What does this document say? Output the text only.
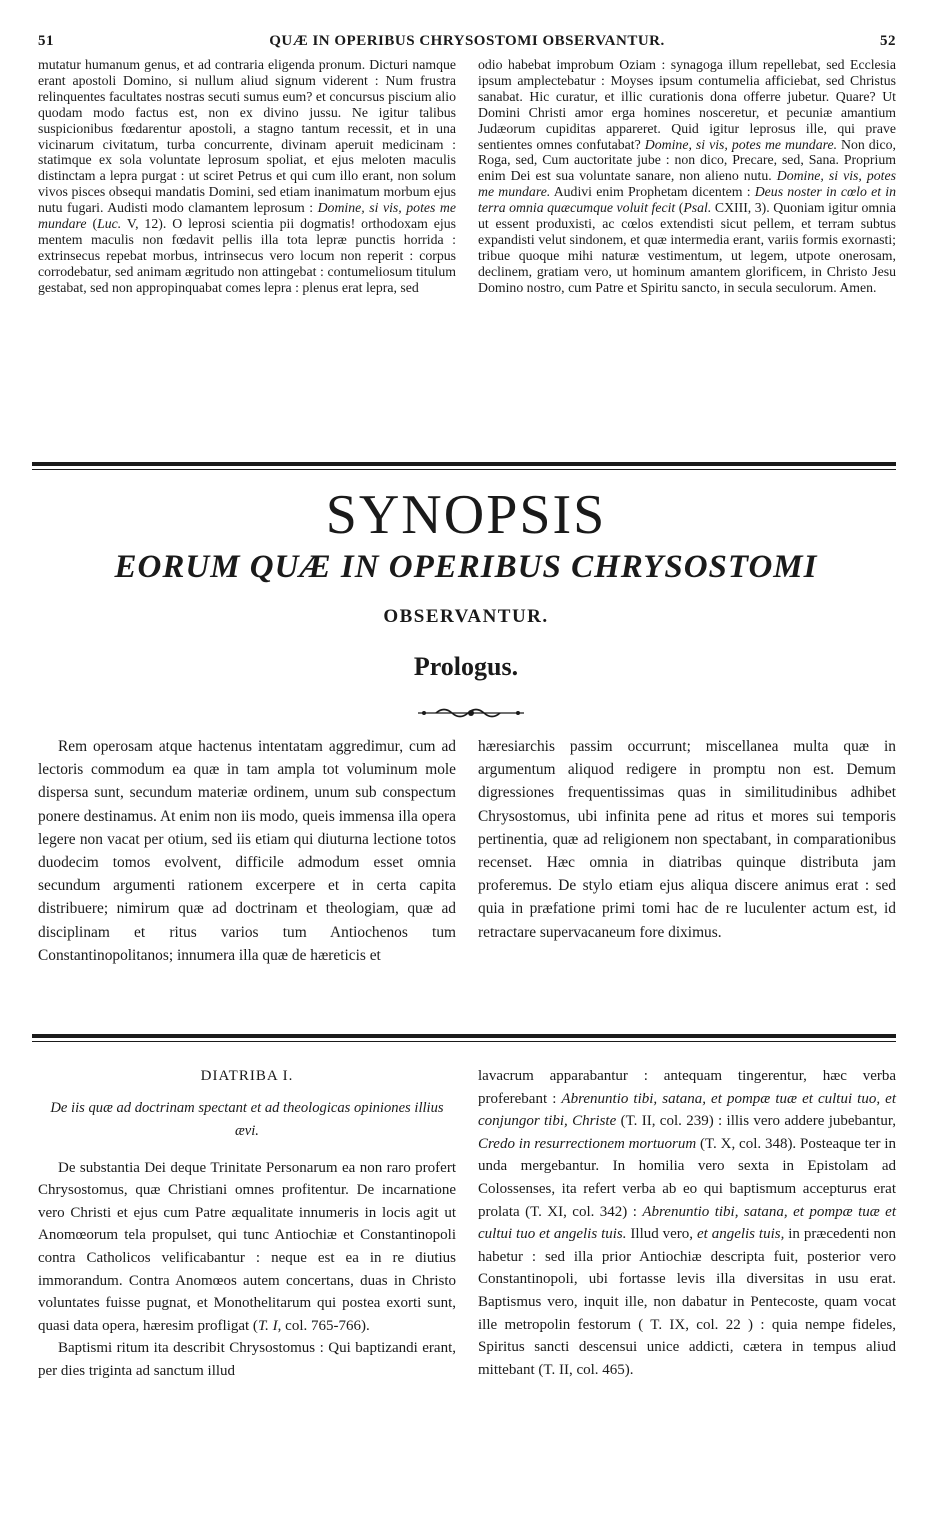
51	QUÆ IN OPERIBUS CHRYSOSTOMI OBSERVANTUR.	52

mutatur humanum genus, et ad contraria eligenda pronum. Dicturi namque erant apostoli Domino, si nullum aliud signum viderent : Num frustra relinquentes facultates nostras secuti sumus eum? et concursus piscium alio quodam modo factus est, non ex divino jussu. Ne igitur talibus suspicionibus fœdarentur apostoli, a stagno tantum recessit, et in una vicinarum civitatum, turba concurrente, divinam aperuit medicinam : statimque ex sola voluntate leprosum spoliat, et ejus meloten maculis distinctam a lepra purgat : ut sciret Petrus et qui cum illo erant, non solum vivos pisces obsequi mandatis Domini, sed etiam inanimatum morbum ejus nutu fugari. Audisti modo clamantem leprosum : Domine, si vis, potes me mundare (Luc. V, 12). O leprosi scientia pii dogmatis! orthodoxam ejus mentem maculis non fœdavit pellis illa tota lepræ punctis horrida : extrinsecus repebat morbus, intrinsecus vero locum non reperit : corpus corrodebatur, sed animam ægritudo non attingebat : contumeliosum titulum gestabat, sed non appropinquabat comes lepra : plenus erat lepra, sed

odio habebat improbum Oziam : synagoga illum repellebat, sed Ecclesia ipsum amplectebatur : Moyses ipsum contumelia afficiebat, sed Christus sanabat. Hic curatur, et illic curationis dona offerre jubetur. Quare? Ut Domini Christi amor erga homines nosceretur, et pecuniæ amantium Judæorum cupiditas appareret. Quid igitur leprosus ille, qui prave sentientes omnes confutabat? Domine, si vis, potes me mundare. Non dico, Roga, sed, Cum auctoritate jube : non dico, Precare, sed, Sana. Proprium enim Dei est sua voluntate sanare, non alieno nutu. Domine, si vis, potes me mundare. Audivi enim Prophetam dicentem : Deus noster in cœlo et in terra omnia quæcumque voluit fecit (Psal. CXIII, 3). Quoniam igitur omnia ut essent produxisti, ac cœlos extendisti sicut pellem, et terram subtus expandisti velut sindonem, et quæ intermedia erant, variis formis exornasti; tribue quoque mihi naturæ vestimentum, ut legem, utpote onerosam, declinem, gratiam vero, ut hominum amantem glorificem, in Christo Jesu Domino nostro, cum Patre et Spiritu sancto, in secula seculorum. Amen.

SYNOPSIS
EORUM QUÆ IN OPERIBUS CHRYSOSTOMI
OBSERVANTUR.
Prologus.

Rem operosam atque hactenus intentatam aggredimur, cum ad lectoris commodum ea quæ in tam ampla tot voluminum mole dispersa sunt, secundum materiæ ordinem, unum sub conspectum ponere destinamus. At enim non iis modo, queis immensa illa opera legere non vacat per otium, sed iis etiam qui diuturna lectione totos duodecim tomos evolvent, difficile admodum esset omnia secundum argumenti rationem excerpere et in certa capita distribuere; nimirum quæ ad doctrinam et theologiam, quæ ad disciplinam et ritus varios tum Antiochenos tum Constantinopolitanos; innumera illa quæ de hæreticis et

hæresiarchis passim occurrunt; miscellanea multa quæ in argumentum aliquod redigere in promptu non est. Demum digressiones frequentissimas quas in similitudinibus adhibet Chrysostomus, ubi infinita pene ad ritus et mores sui temporis pertinentia, quæ ad religionem non spectabant, in comparationibus recenset. Hæc omnia in diatribas quinque distributa jam proferemus. De stylo etiam ejus aliqua discere animus erat : sed quia in præfatione primi tomi hac de re luculenter actum est, id retractare supervacaneum fore diximus.

DIATRIBA I.

De iis quæ ad doctrinam spectant et ad theologicas opiniones illius ævi.

De substantia Dei deque Trinitate Personarum ea non raro profert Chrysostomus, quæ Christiani omnes profitentur. De incarnatione vero Christi et ejus cum Patre æqualitate innumeris in locis agit ut Anomœorum tela propulset, qui tunc Antiochiæ et Constantinopoli contra Catholicos velificabantur : neque est ea in re diutius immorandum. Contra Anomœos autem concertans, duas in Christo voluntates fuisse pugnat, et Monothelitarum qui postea exorti sunt, quasi data opera, hæresim profligat (T. I, col. 765-766).

Baptismi ritum ita describit Chrysostomus : Qui baptizandi erant, per dies triginta ad sanctum illud

lavacrum apparabantur : antequam tingerentur, hæc verba proferebant : Abrenuntio tibi, satana, et pompæ tuæ et cultui tuo, et conjungor tibi, Christe (T. II, col. 239) : illis vero addere jubebantur, Credo in resurrectionem mortuorum (T. X, col. 348). Posteaque ter in unda mergebantur. In homilia vero sexta in Epistolam ad Colossenses, ita refert verba ab eo qui baptismum accepturus erat prolata (T. XI, col. 342) : Abrenuntio tibi, satana, et pompæ tuæ et cultui tuo et angelis tuis. Illud vero, et angelis tuis, in præcedenti non habetur : sed illa prior Antiochiæ descripta fuit, posterior vero Constantinopoli, ubi fortasse levis illa diversitas in usu erat. Baptismus vero, inquit ille, non dabatur in Pentecoste, quam vocat ille metropolin festorum ( T. IX, col. 22 ) : quia nempe fideles, Spiritus sancti descensui unice addicti, cætera in tempus aliud mittebant (T. II, col. 465).
